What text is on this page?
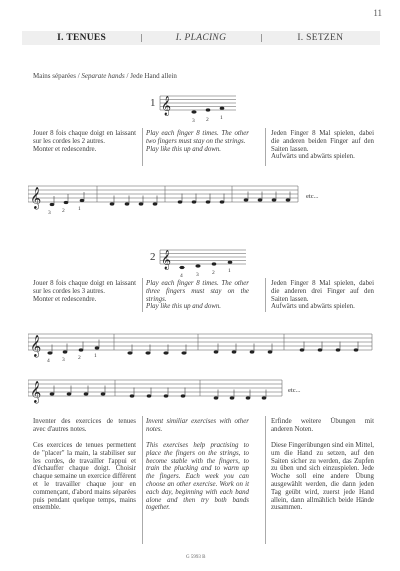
11
I. TENUES	I. PLACING	I. SETZEN
Mains séparées / Separate hands / Jede Hand allein
1 𝄞
3 2 1
Jouer 8 fois chaque doigt en laissant sur les cordes les 2 autres.
Monter et redescendre.
Play each finger 8 times. The other two fingers must stay on the strings.
Play like this up and down.
Jeden Finger 8 Mal spielen, dabei die anderen beiden Finger auf den Saiten lassen.
Aufwärts und abwärts spielen.
𝄞
3 2 1
etc...
2 𝄞
4 3 2 1
Jouer 8 fois chaque doigt en laissant sur les cordes les 3 autres.
Monter et redescendre.
Play each finger 8 times. The other three fingers must stay on the strings.
Play like this up and down.
Jeden Finger 8 Mal spielen, dabei die anderen drei Finger auf den Saiten lassen.
Aufwärts und abwärts spielen.
𝄞
4 3 2 1
𝄞	etc...
Inventer des exercices de tenues avec d'autres notes.
Invent similiar exercises with other notes.
Erfinde weitere Übungen mit anderen Noten.
Ces exercices de tenues permettent de "placer" la main, la stabiliser sur les cordes, de travailler l'appui et d'échauffer chaque doigt. Choisir chaque semaine un exercice différent et le travailler chaque jour en commençant, d'abord mains séparées puis pendant quelque temps, mains ensemble.
This exercises help practising to place the fingers on the strings, to become stable with the fingers, to train the plucking and to warm up the fingers. Each week you can choose an other exercise. Work on it each day, beginning with each band alone and then try both bands together.
Diese Fingerübungen sind ein Mittel, um die Hand zu setzen, auf den Saiten sicher zu werden, das Zupfen zu üben und sich einzuspielen. Jede Woche soll eine andere Übung ausgewählt werden, die dann jeden Tag geübt wird, zuerst jede Hand allein, dann allmählich beide Hände zusammen.
G 5993 B
